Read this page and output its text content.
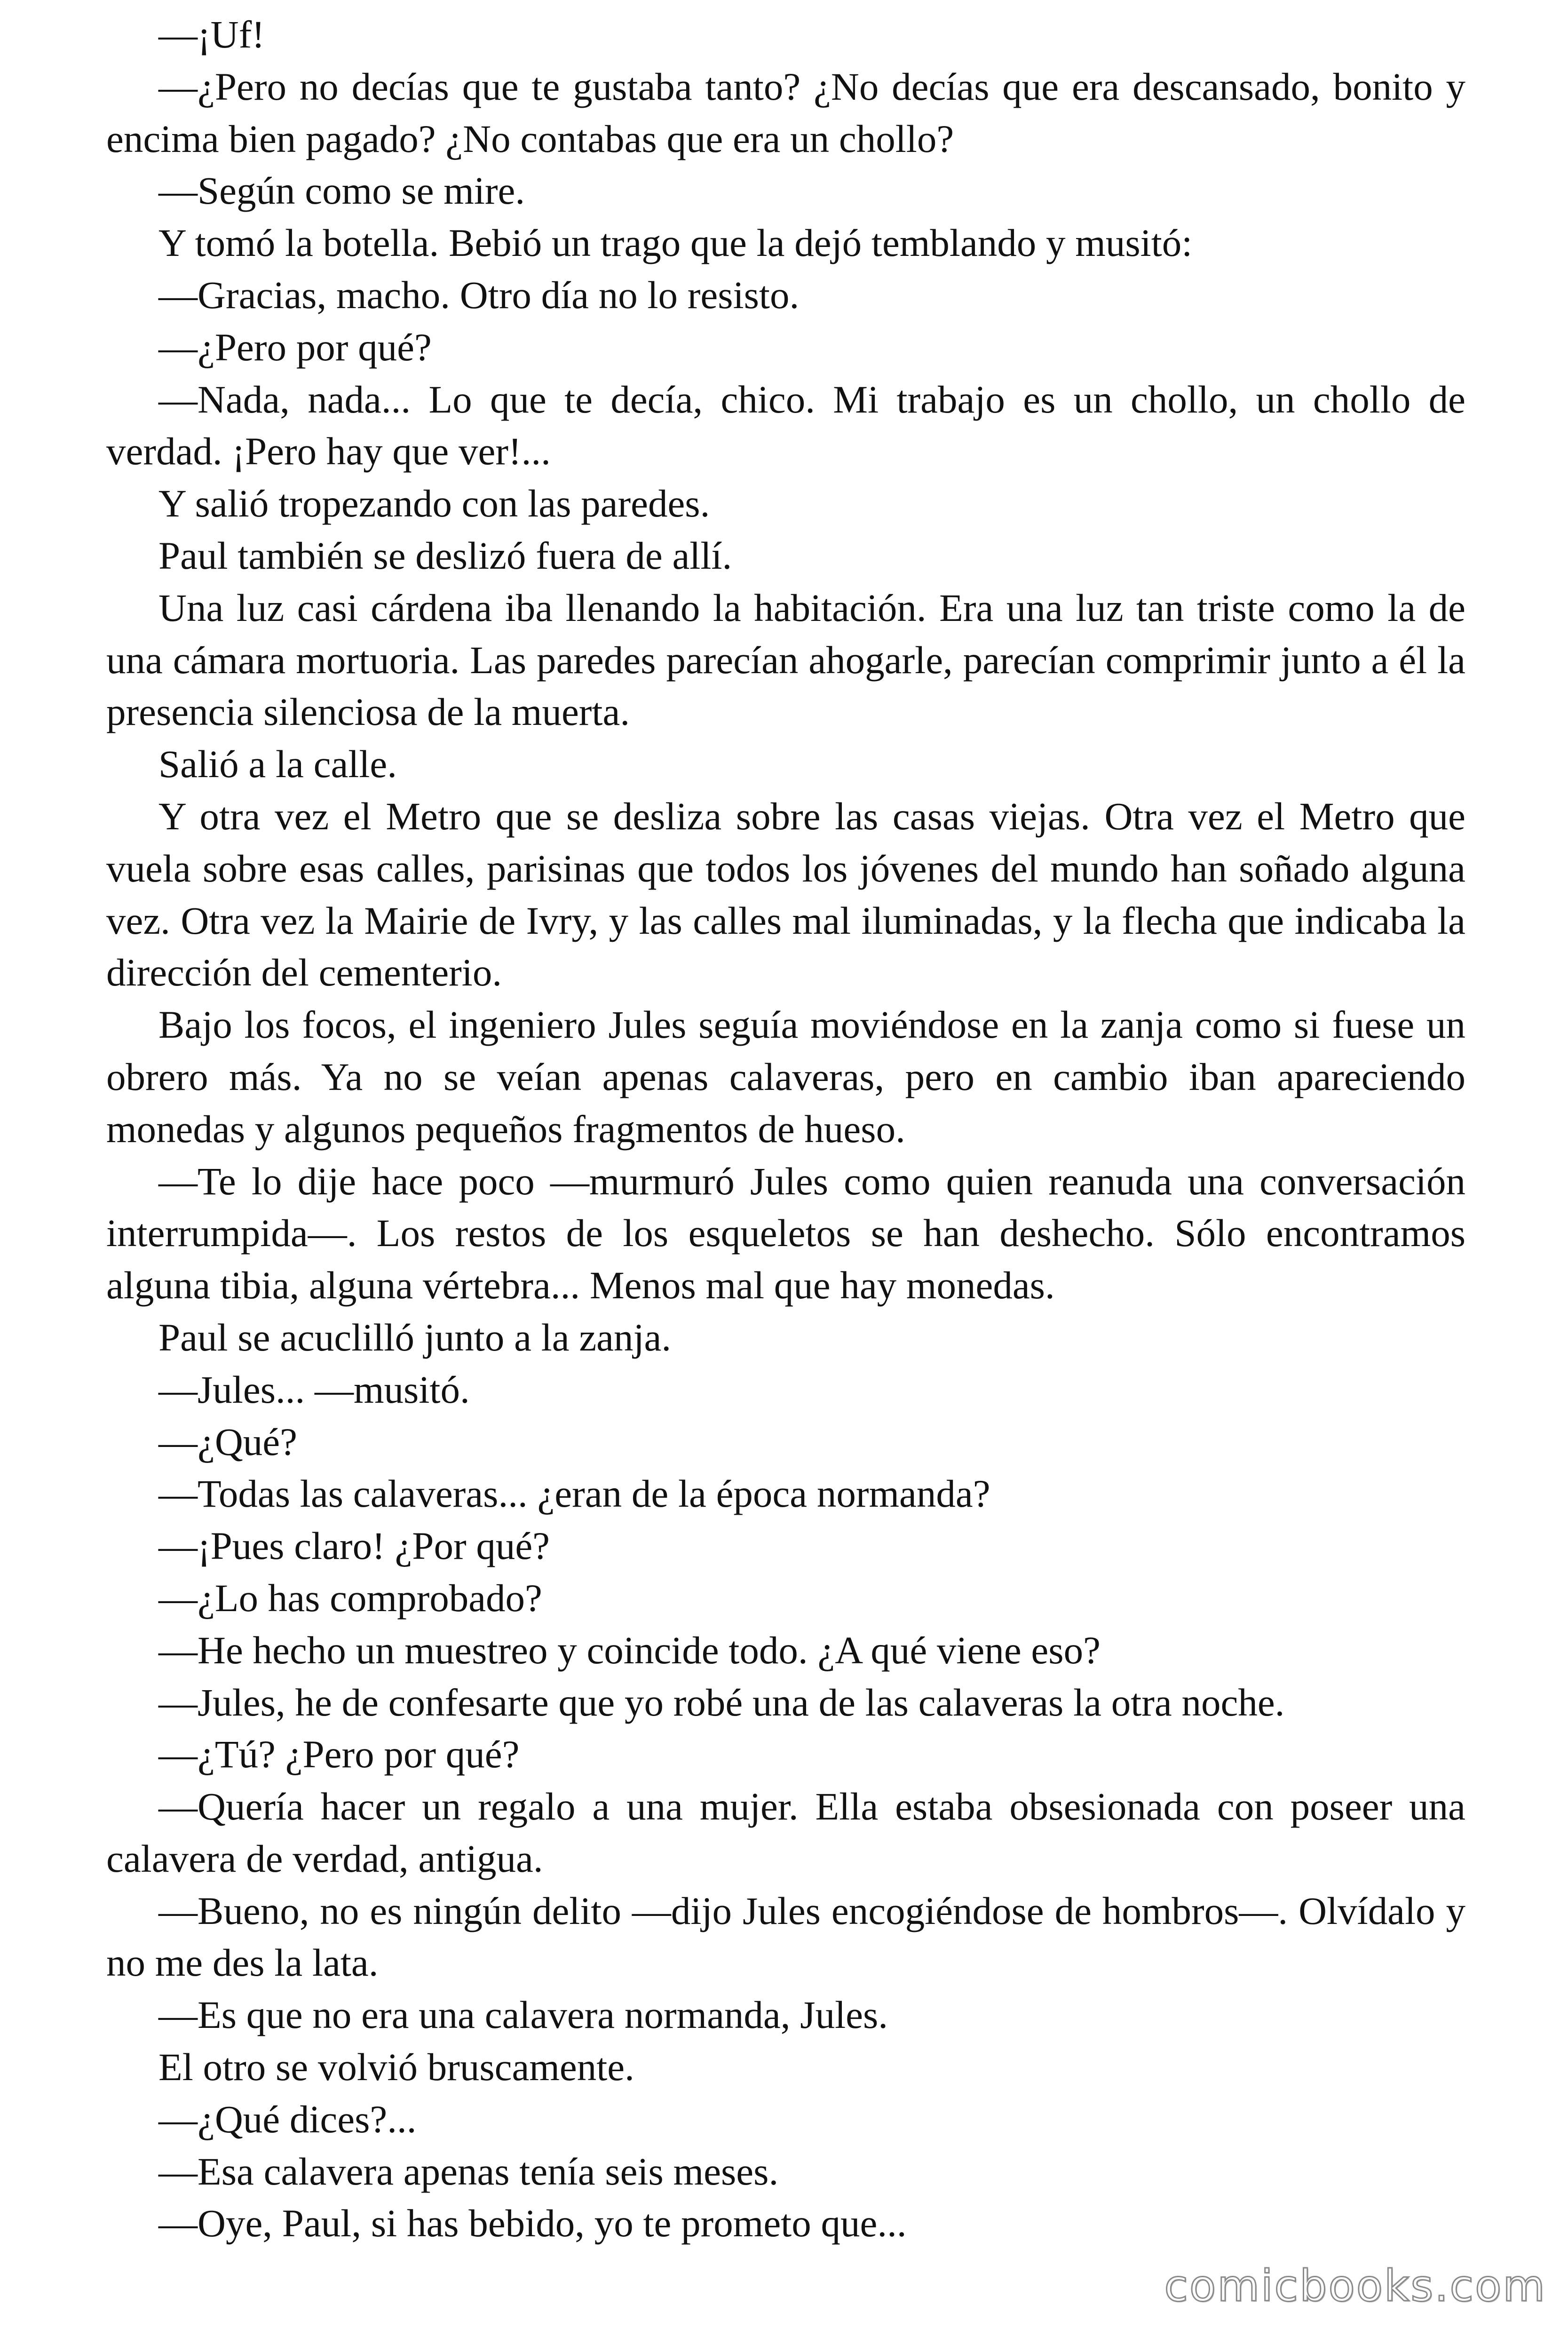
—¡Uf!

—¿Pero no decías que te gustaba tanto? ¿No decías que era descansado, bonito y encima bien pagado? ¿No contabas que era un chollo?

—Según como se mire.

Y tomó la botella. Bebió un trago que la dejó temblando y musitó:

—Gracias, macho. Otro día no lo resisto.

—¿Pero por qué?

—Nada, nada... Lo que te decía, chico. Mi trabajo es un chollo, un chollo de verdad. ¡Pero hay que ver!...

Y salió tropezando con las paredes.

Paul también se deslizó fuera de allí.

Una luz casi cárdena iba llenando la habitación. Era una luz tan triste como la de una cámara mortuoria. Las paredes parecían ahogarle, parecían comprimir junto a él la presencia silenciosa de la muerta.

Salió a la calle.

Y otra vez el Metro que se desliza sobre las casas viejas. Otra vez el Metro que vuela sobre esas calles, parisinas que todos los jóvenes del mundo han soñado alguna vez. Otra vez la Mairie de Ivry, y las calles mal iluminadas, y la flecha que indicaba la dirección del cementerio.

Bajo los focos, el ingeniero Jules seguía moviéndose en la zanja como si fuese un obrero más. Ya no se veían apenas calaveras, pero en cambio iban apareciendo monedas y algunos pequeños fragmentos de hueso.

—Te lo dije hace poco —murmuró Jules como quien reanuda una conversación interrumpida—. Los restos de los esqueletos se han deshecho. Sólo encontramos alguna tibia, alguna vértebra... Menos mal que hay monedas.

Paul se acuclilló junto a la zanja.

—Jules... —musitó.

—¿Qué?

—Todas las calaveras... ¿eran de la época normanda?

—¡Pues claro! ¿Por qué?

—¿Lo has comprobado?

—He hecho un muestreo y coincide todo. ¿A qué viene eso?

—Jules, he de confesarte que yo robé una de las calaveras la otra noche.

—¿Tú? ¿Pero por qué?

—Quería hacer un regalo a una mujer. Ella estaba obsesionada con poseer una calavera de verdad, antigua.

—Bueno, no es ningún delito —dijo Jules encogiéndose de hombros—. Olvídalo y no me des la lata.

—Es que no era una calavera normanda, Jules.

El otro se volvió bruscamente.

—¿Qué dices?...

—Esa calavera apenas tenía seis meses.

—Oye, Paul, si has bebido, yo te prometo que...

comicbooks.com
